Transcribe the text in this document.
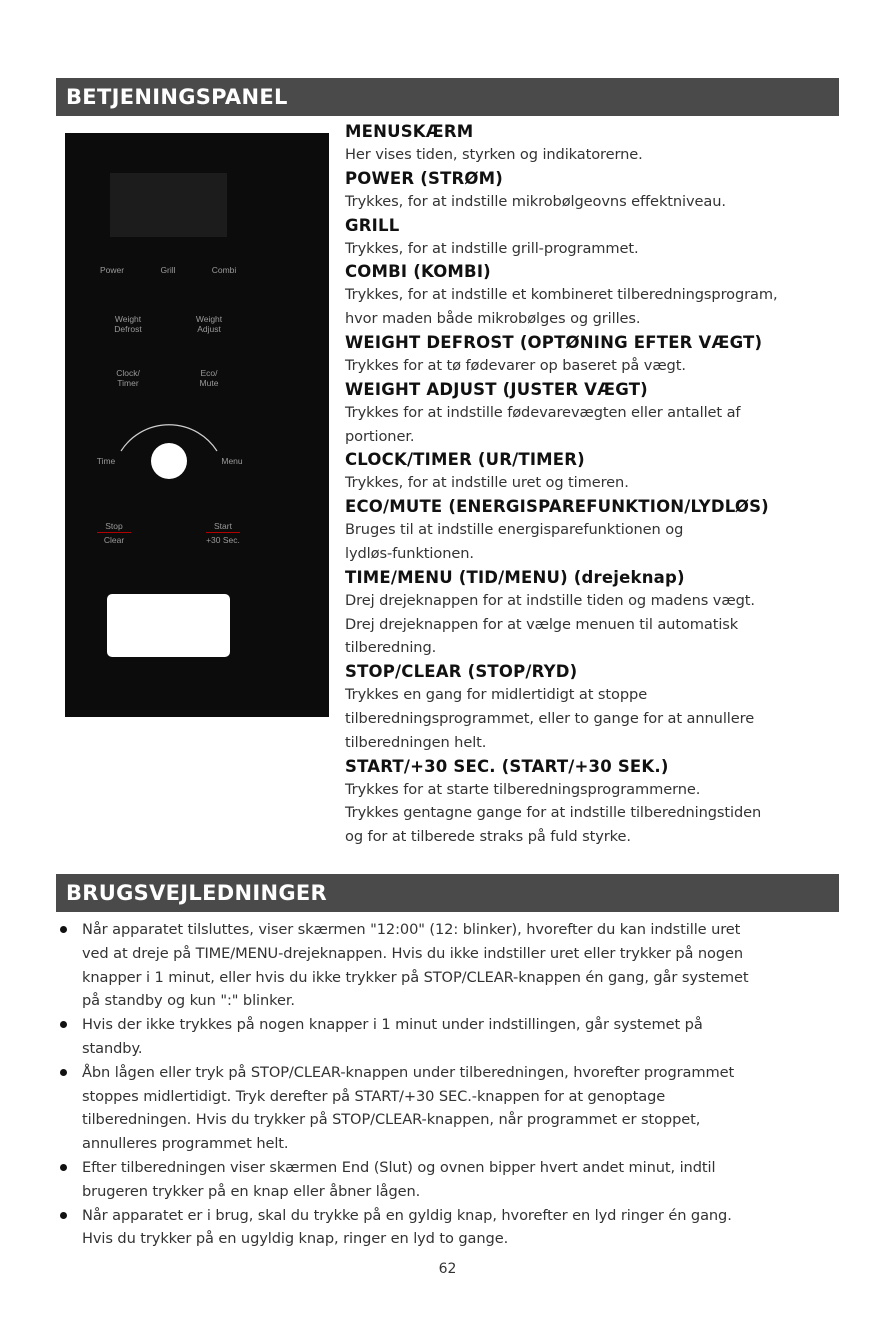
BETJENINGSPANEL
Power	Grill	Combi
Weight
Defrost
Weight
Adjust
Clock/
Timer
Eco/
Mute
Time	Menu
Stop
Clear
Start
+30 Sec.
MENUSKÆRM
Her vises tiden, styrken og indikatorerne.
POWER (STRØM)
Trykkes, for at indstille mikrobølgeovns effektniveau.
GRILL
Trykkes, for at indstille grill-programmet.
COMBI (KOMBI)
Trykkes, for at indstille et kombineret tilberedningsprogram,
hvor maden både mikrobølges og grilles.
WEIGHT DEFROST (OPTØNING EFTER VÆGT)
Trykkes for at tø fødevarer op baseret på vægt.
WEIGHT ADJUST (JUSTER VÆGT)
Trykkes for at indstille fødevarevægten eller antallet af
portioner.
CLOCK/TIMER (UR/TIMER)
Trykkes, for at indstille uret og timeren.
ECO/MUTE (ENERGISPAREFUNKTION/LYDLØS)
Bruges til at indstille energisparefunktionen og
lydløs-funktionen.
TIME/MENU (TID/MENU) (drejeknap)
Drej drejeknappen for at indstille tiden og madens vægt.
Drej drejeknappen for at vælge menuen til automatisk
tilberedning.
STOP/CLEAR (STOP/RYD)
Trykkes en gang for midlertidigt at stoppe
tilberedningsprogrammet, eller to gange for at annullere
tilberedningen helt.
START/+30 SEC. (START/+30 SEK.)
Trykkes for at starte tilberedningsprogrammerne.
Trykkes gentagne gange for at indstille tilberedningstiden
og for at tilberede straks på fuld styrke.
BRUGSVEJLEDNINGER
Når apparatet tilsluttes, viser skærmen "12:00" (12: blinker), hvorefter du kan indstille uret
ved at dreje på TIME/MENU-drejeknappen. Hvis du ikke indstiller uret eller trykker på nogen
knapper i 1 minut, eller hvis du ikke trykker på STOP/CLEAR-knappen én gang, går systemet
på standby og kun ":" blinker.
Hvis der ikke trykkes på nogen knapper i 1 minut under indstillingen, går systemet på
standby.
Åbn lågen eller tryk på STOP/CLEAR-knappen under tilberedningen, hvorefter programmet
stoppes midlertidigt. Tryk derefter på START/+30 SEC.-knappen for at genoptage
tilberedningen. Hvis du trykker på STOP/CLEAR-knappen, når programmet er stoppet,
annulleres programmet helt.
Efter tilberedningen viser skærmen End (Slut) og ovnen bipper hvert andet minut, indtil
brugeren trykker på en knap eller åbner lågen.
Når apparatet er i brug, skal du trykke på en gyldig knap, hvorefter en lyd ringer én gang.
Hvis du trykker på en ugyldig knap, ringer en lyd to gange.
62
